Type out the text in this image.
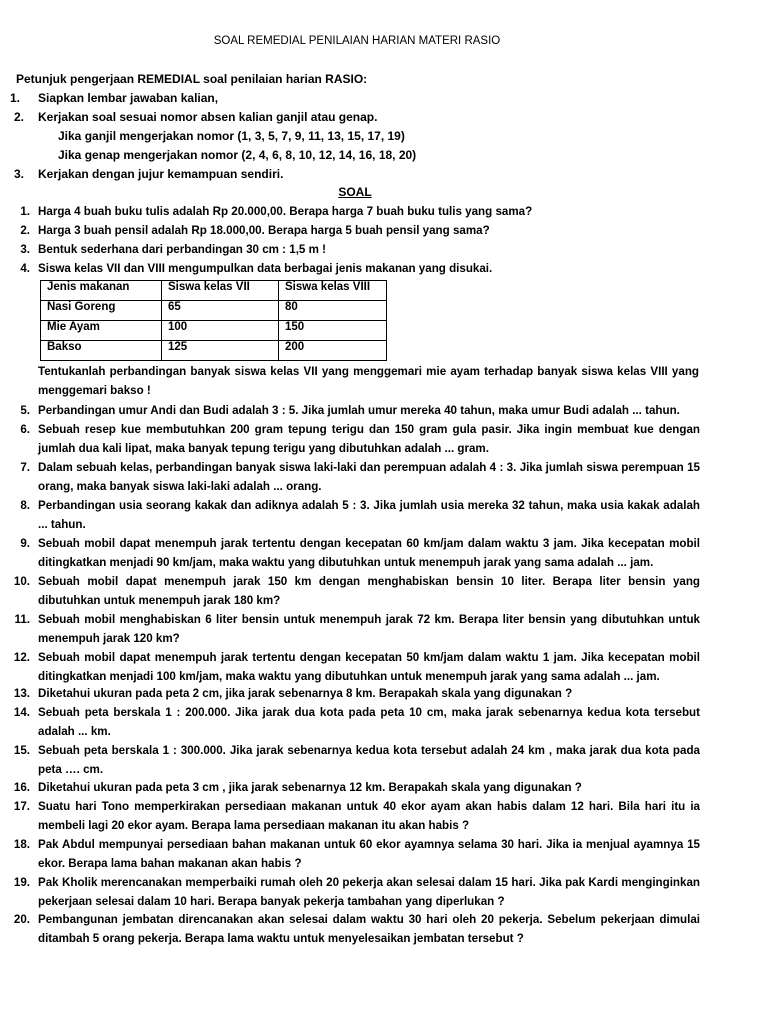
SOAL REMEDIAL PENILAIAN HARIAN MATERI RASIO
Petunjuk pengerjaan REMEDIAL soal penilaian harian RASIO:
1. Siapkan lembar jawaban kalian,
2. Kerjakan soal sesuai nomor absen kalian ganjil atau genap.
Jika ganjil mengerjakan nomor (1, 3, 5, 7, 9, 11, 13, 15, 17, 19)
Jika genap mengerjakan nomor (2, 4, 6, 8, 10, 12, 14, 16, 18, 20)
3. Kerjakan dengan jujur kemampuan sendiri.
SOAL
1. Harga 4 buah buku tulis adalah Rp 20.000,00. Berapa harga 7 buah buku tulis yang sama?
2. Harga 3 buah pensil adalah Rp 18.000,00. Berapa harga 5 buah pensil yang sama?
3. Bentuk sederhana dari perbandingan 30 cm : 1,5 m !
4. Siswa kelas VII dan VIII mengumpulkan data berbagai jenis makanan yang disukai.
Jenis makanan	Siswa kelas VII	Siswa kelas VIII
Nasi Goreng	65	80
Mie Ayam	100	150
Bakso	125	200
Tentukanlah perbandingan banyak siswa kelas VII yang menggemari mie ayam terhadap banyak siswa kelas VIII yang menggemari bakso !
5. Perbandingan umur Andi dan Budi adalah 3 : 5. Jika jumlah umur mereka 40 tahun, maka umur Budi adalah ... tahun.
6. Sebuah resep kue membutuhkan 200 gram tepung terigu dan 150 gram gula pasir. Jika ingin membuat kue dengan jumlah dua kali lipat, maka banyak tepung terigu yang dibutuhkan adalah ... gram.
7. Dalam sebuah kelas, perbandingan banyak siswa laki-laki dan perempuan adalah 4 : 3. Jika jumlah siswa perempuan 15 orang, maka banyak siswa laki-laki adalah ... orang.
8. Perbandingan usia seorang kakak dan adiknya adalah 5 : 3. Jika jumlah usia mereka 32 tahun, maka usia kakak adalah ... tahun.
9. Sebuah mobil dapat menempuh jarak tertentu dengan kecepatan 60 km/jam dalam waktu 3 jam. Jika kecepatan mobil ditingkatkan menjadi 90 km/jam, maka waktu yang dibutuhkan untuk menempuh jarak yang sama adalah ... jam.
10. Sebuah mobil dapat menempuh jarak 150 km dengan menghabiskan bensin 10 liter. Berapa liter bensin yang dibutuhkan untuk menempuh jarak 180 km?
11. Sebuah mobil menghabiskan 6 liter bensin untuk menempuh jarak 72 km. Berapa liter bensin yang dibutuhkan untuk menempuh jarak 120 km?
12. Sebuah mobil dapat menempuh jarak tertentu dengan kecepatan 50 km/jam dalam waktu 1 jam. Jika kecepatan mobil ditingkatkan menjadi 100 km/jam, maka waktu yang dibutuhkan untuk menempuh jarak yang sama adalah ... jam.
13. Diketahui ukuran pada peta 2 cm, jika jarak sebenarnya 8 km. Berapakah skala yang digunakan ?
14. Sebuah peta berskala 1 : 200.000. Jika jarak dua kota pada peta 10 cm, maka jarak sebenarnya kedua kota tersebut adalah ... km.
15. Sebuah peta berskala 1 : 300.000. Jika jarak sebenarnya kedua kota tersebut adalah 24 km , maka jarak dua kota pada peta …. cm.
16. Diketahui ukuran pada peta 3 cm , jika jarak sebenarnya 12 km. Berapakah skala yang digunakan ?
17. Suatu hari Tono memperkirakan persediaan makanan untuk 40 ekor ayam akan habis dalam 12 hari. Bila hari itu ia membeli lagi 20 ekor ayam. Berapa lama persediaan makanan itu akan habis ?
18. Pak Abdul mempunyai persediaan bahan makanan untuk 60 ekor ayamnya selama 30 hari. Jika ia menjual ayamnya 15 ekor. Berapa lama bahan makanan akan habis ?
19. Pak Kholik merencanakan memperbaiki rumah oleh 20 pekerja akan selesai dalam 15 hari. Jika pak Kardi menginginkan pekerjaan selesai dalam 10 hari. Berapa banyak pekerja tambahan yang diperlukan ?
20. Pembangunan jembatan direncanakan akan selesai dalam waktu 30 hari oleh 20 pekerja. Sebelum pekerjaan dimulai ditambah 5 orang pekerja. Berapa lama waktu untuk menyelesaikan jembatan tersebut ?
